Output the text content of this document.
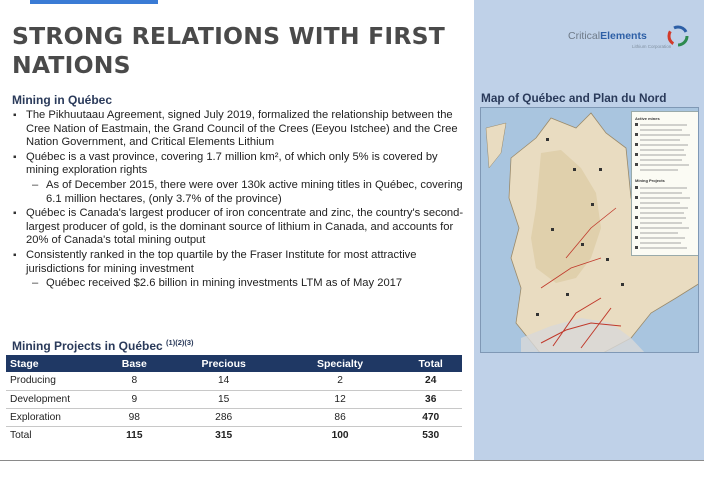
STRONG RELATIONS WITH FIRST NATIONS
Mining in Québec
▪ The Pikhuutaau Agreement, signed July 2019, formalized the relationship between the Cree Nation of Eastmain, the Grand Council of the Crees (Eeyou Istchee) and the Cree Nation Government, and Critical Elements Lithium
▪ Québec is a vast province, covering 1.7 million km², of which only 5% is covered by mining exploration rights
– As of December 2015, there were over 130k active mining titles in Québec, covering 6.1 million hectares, (only 3.7% of the province)
▪ Québec is Canada's largest producer of iron concentrate and zinc, the country's second-largest producer of gold, is the dominant source of lithium in Canada, and accounts for 20% of Canada's total mining output
▪ Consistently ranked in the top quartile by the Fraser Institute for most attractive jurisdictions for mining investment
– Québec received $2.6 billion in mining investments LTM as of May 2017
Mining Projects in Québec $^{(1)(2)(3)}$
Stage	Base	Precious	Specialty	Total
Producing	8	14	2	24
Development	9	15	12	36
Exploration	98	286	86	470
Total	115	315	100	530
CriticalElements
Lithium Corporation
Map of Québec and Plan du Nord
Active mines
Mining Projects
